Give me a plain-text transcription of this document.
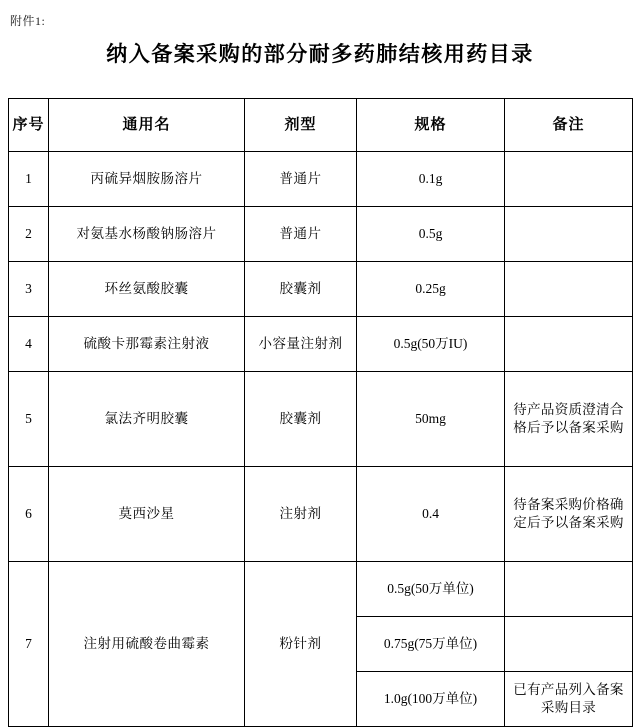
附件1:
纳入备案采购的部分耐多药肺结核用药目录
序号	通用名	剂型	规格	备注
1	丙硫异烟胺肠溶片	普通片	0.1g	
2	对氨基水杨酸钠肠溶片	普通片	0.5g	
3	环丝氨酸胶囊	胶囊剂	0.25g	
4	硫酸卡那霉素注射液	小容量注射剂	0.5g(50万IU)	
5	氯法齐明胶囊	胶囊剂	50mg	待产品资质澄清合格后予以备案采购
6	莫西沙星	注射剂	0.4	待备案采购价格确定后予以备案采购
7	注射用硫酸卷曲霉素	粉针剂	0.5g(50万单位)	
			0.75g(75万单位)	
			1.0g(100万单位)	已有产品列入备案采购目录
